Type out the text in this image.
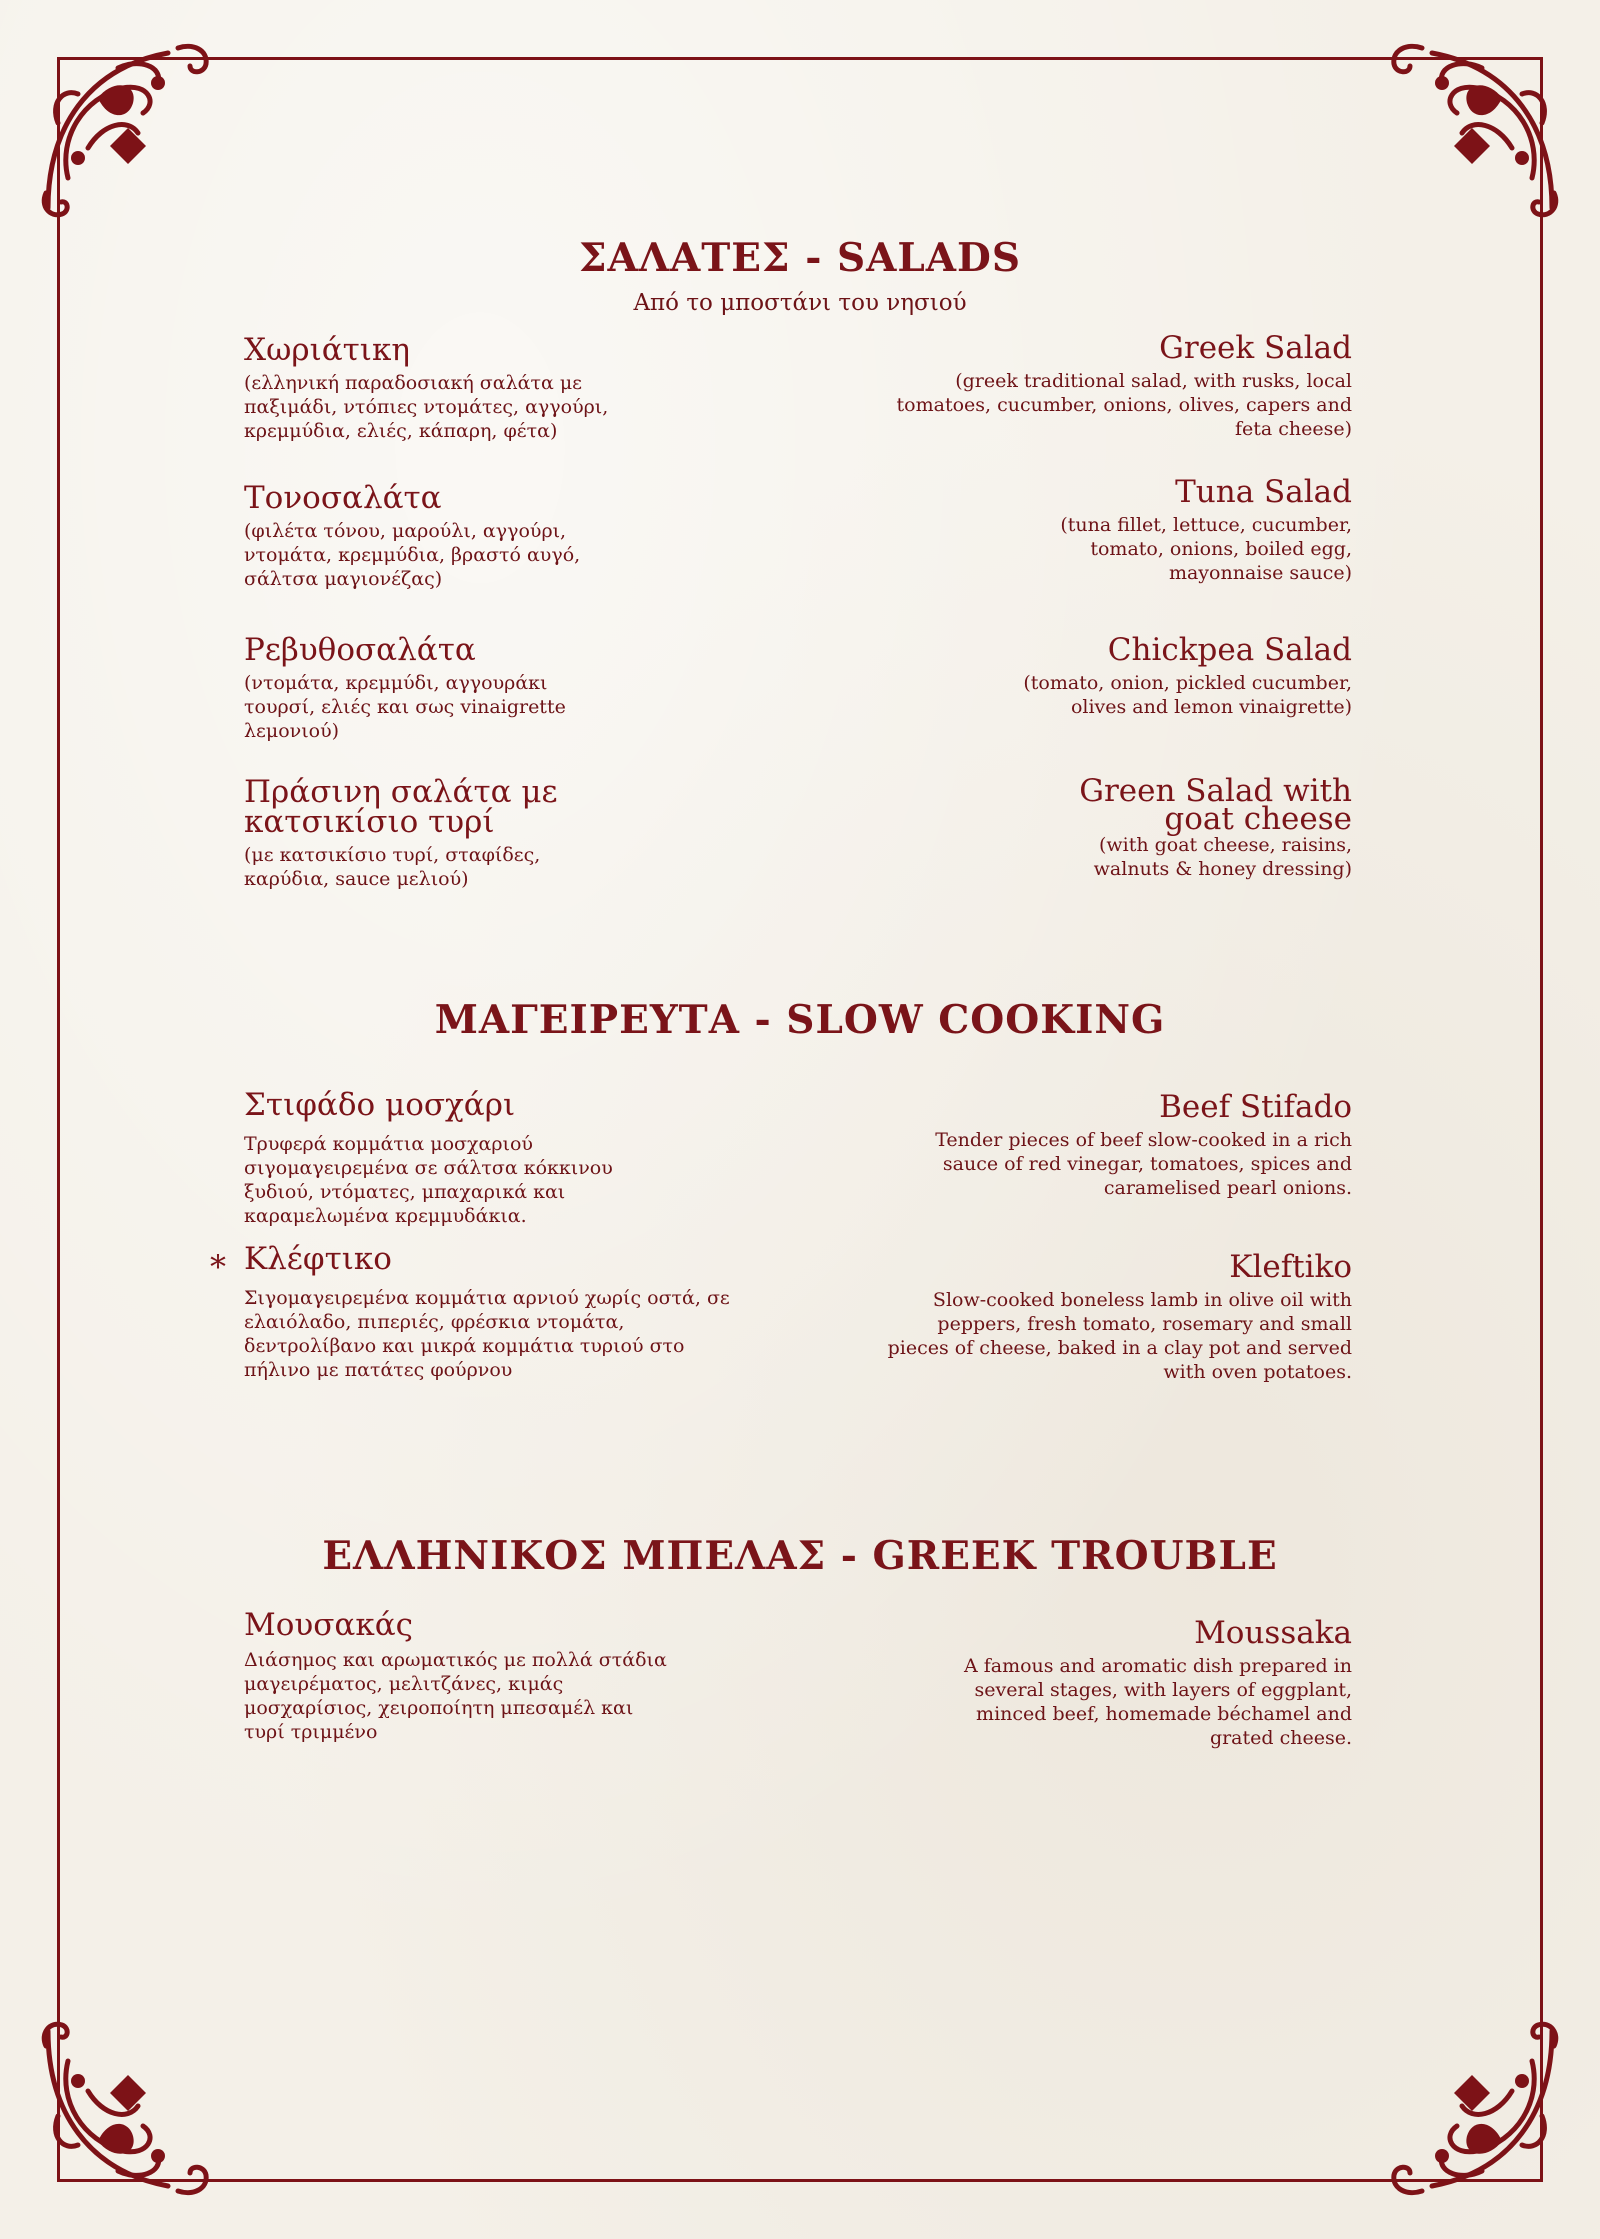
ΣΑΛΑΤΕΣ - SALADS
Από το μποστάνι του νησιού
Χωριάτικη
(ελληνική παραδοσιακή σαλάτα με παξιμάδι, ντόπιες ντομάτες, αγγούρι, κρεμμύδια, ελιές, κάπαρη, φέτα)
Greek Salad
(greek traditional salad, with rusks, local tomatoes, cucumber, onions, olives, capers and feta cheese)
Τονοσαλάτα
(φιλέτα τόνου, μαρούλι, αγγούρι, ντομάτα, κρεμμύδια, βραστό αυγό, σάλτσα μαγιονέζας)
Tuna Salad
(tuna fillet, lettuce, cucumber, tomato, onions, boiled egg, mayonnaise sauce)
Ρεβυθοσαλάτα
(ντομάτα, κρεμμύδι, αγγουράκι τουρσί, ελιές και σως vinaigrette λεμονιού)
Chickpea Salad
(tomato, onion, pickled cucumber, olives and lemon vinaigrette)
Πράσινη σαλάτα με κατσικίσιο τυρί
(με κατσικίσιο τυρί, σταφίδες, καρύδια, sauce μελιού)
Green Salad with goat cheese
(with goat cheese, raisins, walnuts & honey dressing)
ΜΑΓΕΙΡΕΥΤΑ - SLOW COOKING
Στιφάδο μοσχάρι
Τρυφερά κομμάτια μοσχαριού σιγομαγειρεμένα σε σάλτσα κόκκινου ξυδιού, ντόματες, μπαχαρικά και καραμελωμένα κρεμμυδάκια.
Beef Stifado
Tender pieces of beef slow-cooked in a rich sauce of red vinegar, tomatoes, spices and caramelised pearl onions.
* Κλέφτικο
Σιγομαγειρεμένα κομμάτια αρνιού χωρίς οστά, σε ελαιόλαδο, πιπεριές, φρέσκια ντομάτα, δεντρολίβανο και μικρά κομμάτια τυριού στο πήλινο με πατάτες φούρνου
Kleftiko
Slow-cooked boneless lamb in olive oil with peppers, fresh tomato, rosemary and small pieces of cheese, baked in a clay pot and served with oven potatoes.
ΕΛΛΗΝΙΚΟΣ ΜΠΕΛΑΣ - GREEK TROUBLE
Μουσακάς
Διάσημος και αρωματικός με πολλά στάδια μαγειρέματος, μελιτζάνες, κιμάς μοσχαρίσιος, χειροποίητη μπεσαμέλ και τυρί τριμμένο
Moussaka
A famous and aromatic dish prepared in several stages, with layers of eggplant, minced beef, homemade béchamel and grated cheese.
